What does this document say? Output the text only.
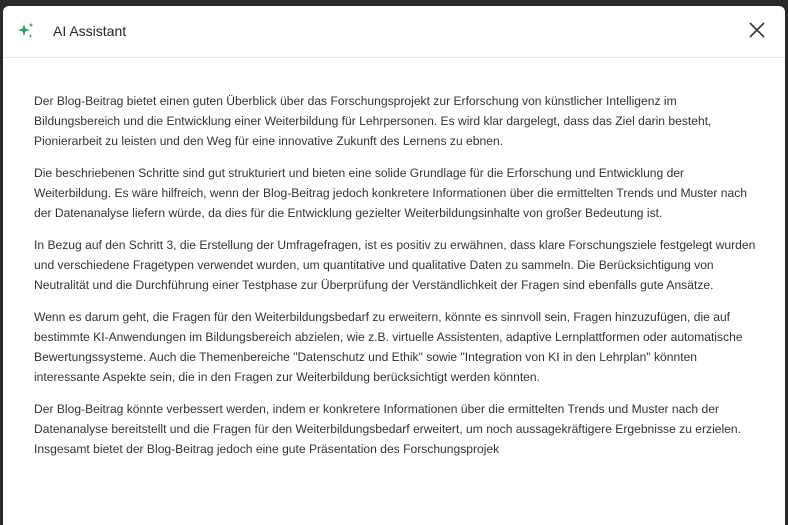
AI Assistant

Der Blog-Beitrag bietet einen guten Überblick über das Forschungsprojekt zur Erforschung von künstlicher Intelligenz im Bildungsbereich und die Entwicklung einer Weiterbildung für Lehrpersonen. Es wird klar dargelegt, dass das Ziel darin besteht, Pionierarbeit zu leisten und den Weg für eine innovative Zukunft des Lernens zu ebnen.

Die beschriebenen Schritte sind gut strukturiert und bieten eine solide Grundlage für die Erforschung und Entwicklung der Weiterbildung. Es wäre hilfreich, wenn der Blog-Beitrag jedoch konkretere Informationen über die ermittelten Trends und Muster nach der Datenanalyse liefern würde, da dies für die Entwicklung gezielter Weiterbildungsinhalte von großer Bedeutung ist.

In Bezug auf den Schritt 3, die Erstellung der Umfragefragen, ist es positiv zu erwähnen, dass klare Forschungsziele festgelegt wurden und verschiedene Fragetypen verwendet wurden, um quantitative und qualitative Daten zu sammeln. Die Berücksichtigung von Neutralität und die Durchführung einer Testphase zur Überprüfung der Verständlichkeit der Fragen sind ebenfalls gute Ansätze.

Wenn es darum geht, die Fragen für den Weiterbildungsbedarf zu erweitern, könnte es sinnvoll sein, Fragen hinzuzufügen, die auf bestimmte KI-Anwendungen im Bildungsbereich abzielen, wie z.B. virtuelle Assistenten, adaptive Lernplattformen oder automatische Bewertungssysteme. Auch die Themenbereiche "Datenschutz und Ethik" sowie "Integration von KI in den Lehrplan" könnten interessante Aspekte sein, die in den Fragen zur Weiterbildung berücksichtigt werden könnten.

Der Blog-Beitrag könnte verbessert werden, indem er konkretere Informationen über die ermittelten Trends und Muster nach der Datenanalyse bereitstellt und die Fragen für den Weiterbildungsbedarf erweitert, um noch aussagekräftigere Ergebnisse zu erzielen. Insgesamt bietet der Blog-Beitrag jedoch eine gute Präsentation des Forschungsprojek
